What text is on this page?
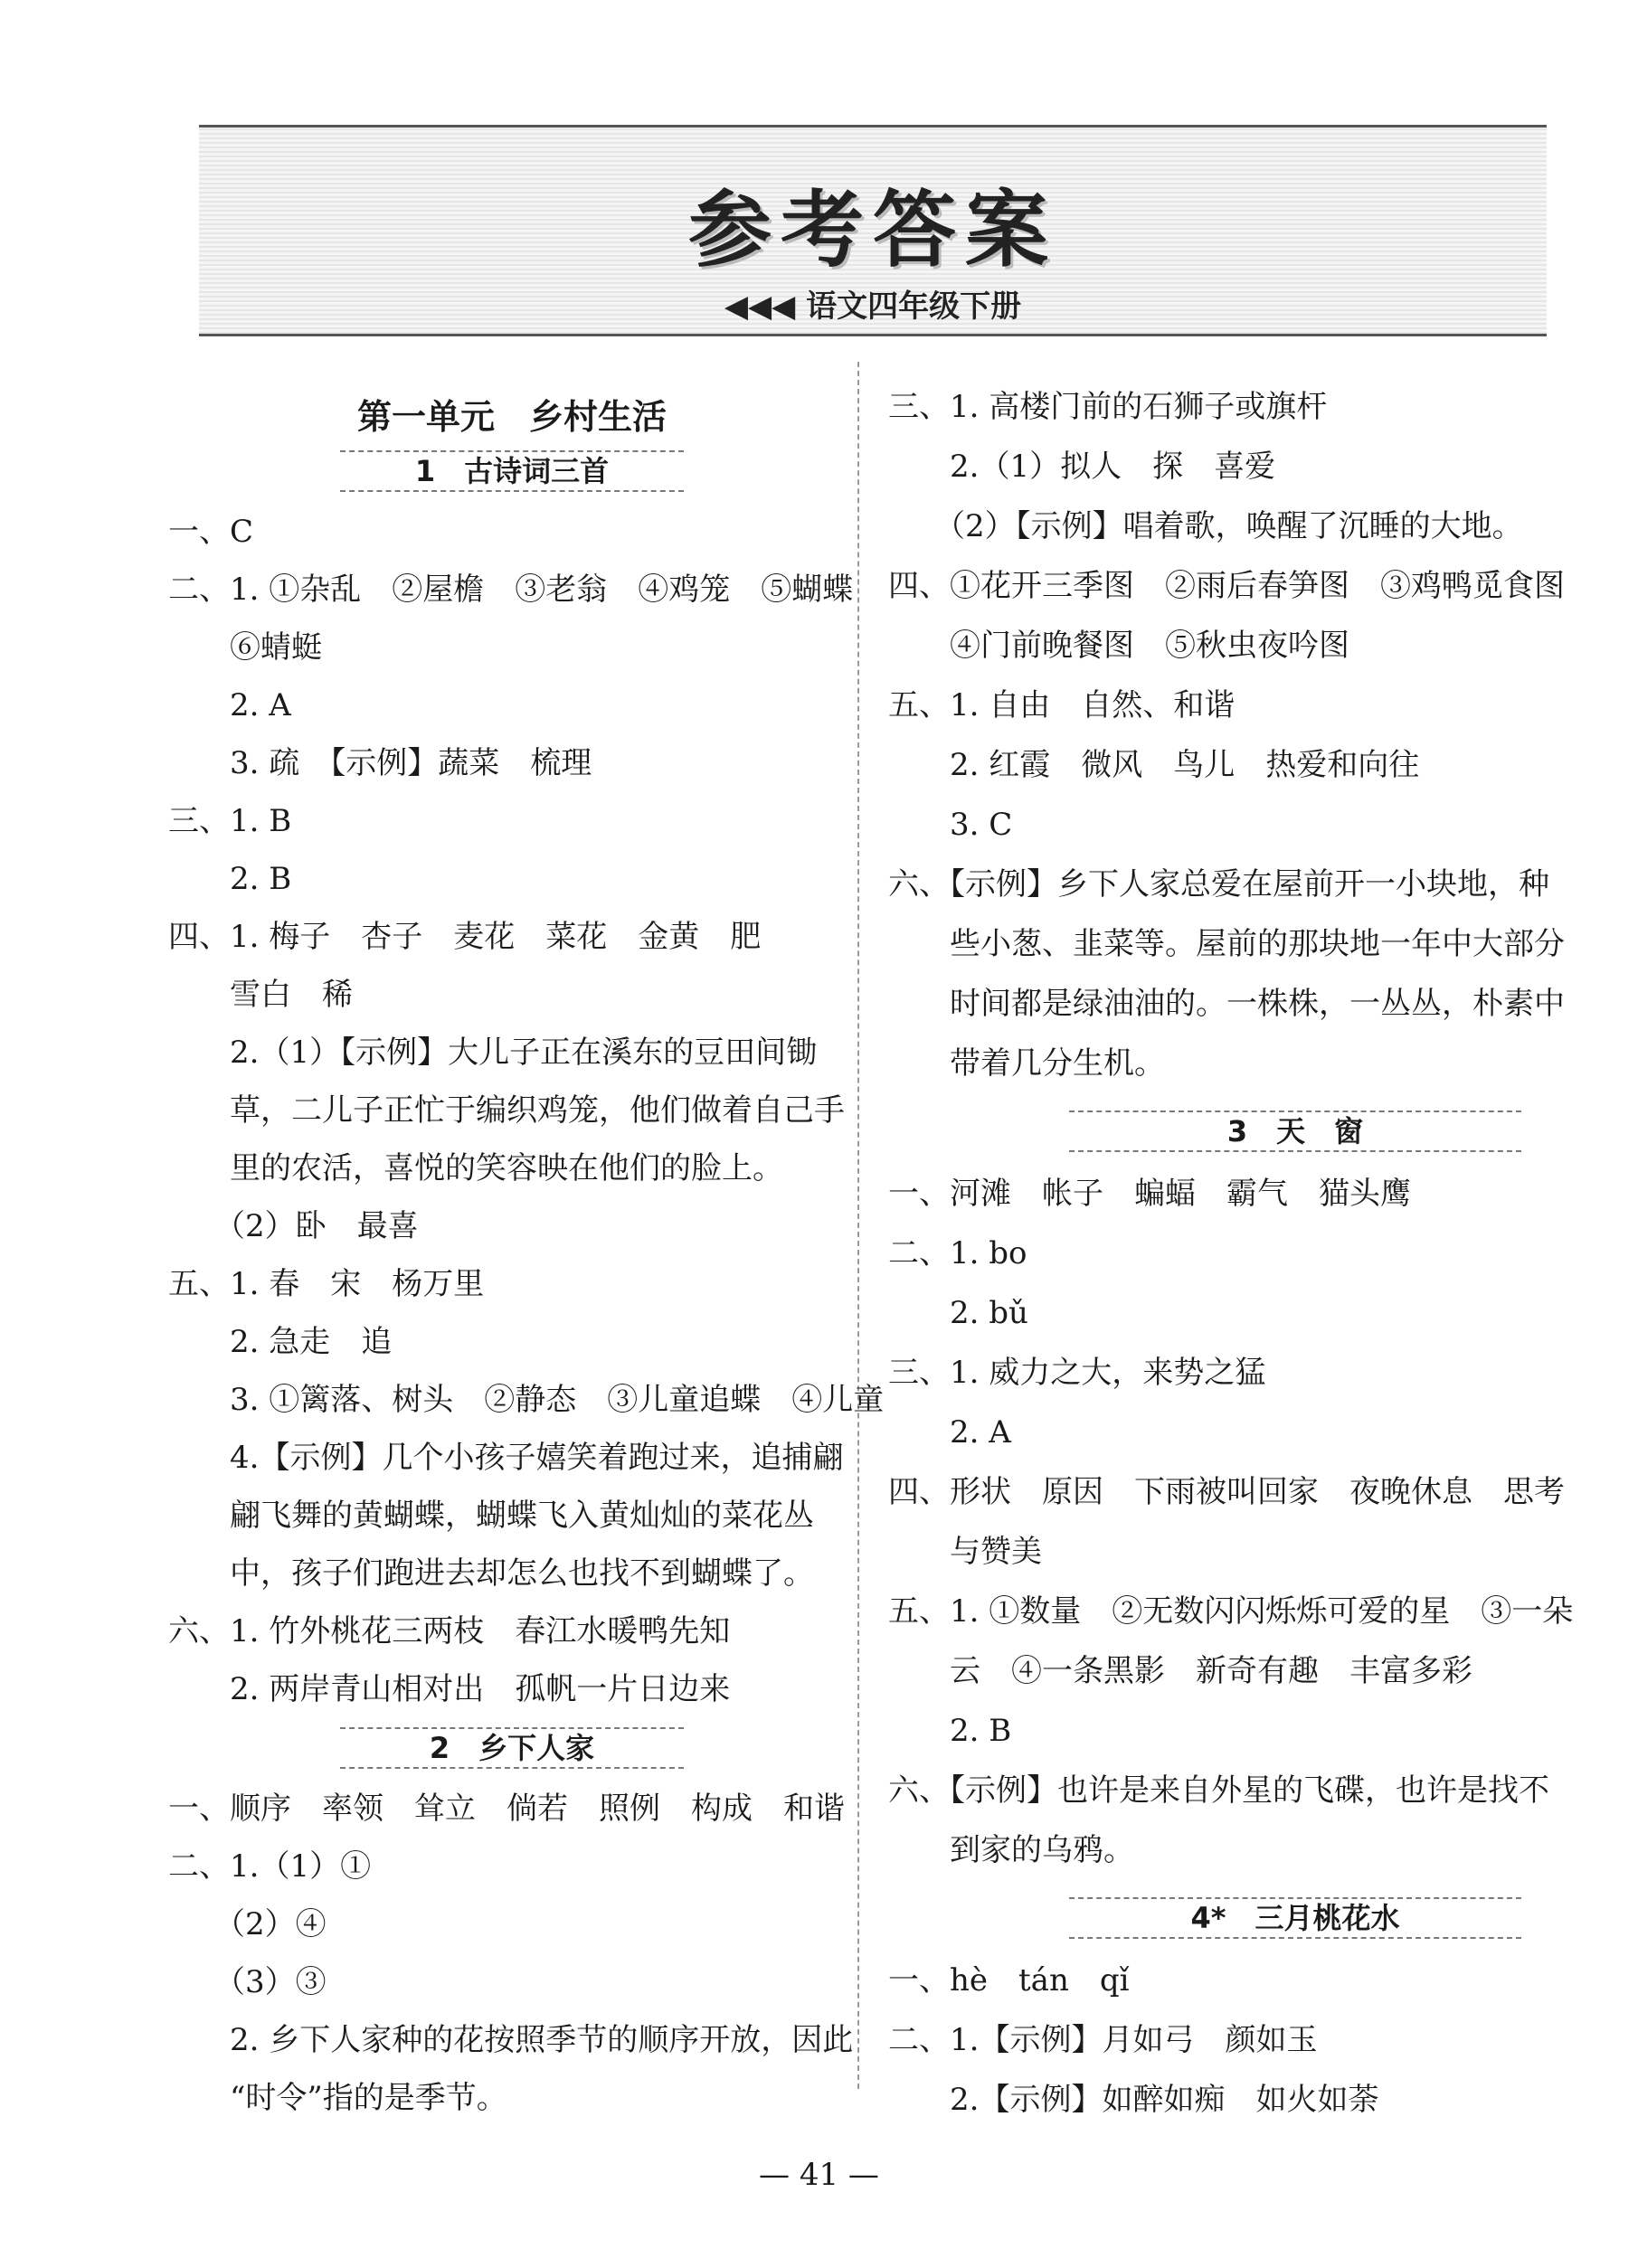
参考答案
◀◀◀ 语文四年级下册
第一单元　乡村生活
1　古诗词三首
一、C
二、1. ①杂乱　②屋檐　③老翁　④鸡笼　⑤蝴蝶
　　⑥蜻蜓
　　2. A
　　3. 疏　【示例】蔬菜　梳理
三、1. B
　　2. B
四、1. 梅子　杏子　麦花　菜花　金黄　肥
　　雪白　稀
　　2.（1）【示例】大儿子正在溪东的豆田间锄
　　草，二儿子正忙于编织鸡笼，他们做着自己手
　　里的农活，喜悦的笑容映在他们的脸上。
　　（2）卧　最喜
五、1. 春　宋　杨万里
　　2. 急走　追
　　3. ①篱落、树头　②静态　③儿童追蝶　④儿童
　　4.【示例】几个小孩子嬉笑着跑过来，追捕翩
　　翩飞舞的黄蝴蝶，蝴蝶飞入黄灿灿的菜花丛
　　中，孩子们跑进去却怎么也找不到蝴蝶了。
六、1. 竹外桃花三两枝　春江水暖鸭先知
　　2. 两岸青山相对出　孤帆一片日边来
2　乡下人家
一、顺序　率领　耸立　倘若　照例　构成　和谐
二、1.（1）①
　　（2）④
　　（3）③
　　2. 乡下人家种的花按照季节的顺序开放，因此
　　“时令”指的是季节。
三、1. 高楼门前的石狮子或旗杆
　　2.（1）拟人　探　喜爱
　　（2）【示例】唱着歌，唤醒了沉睡的大地。
四、①花开三季图　②雨后春笋图　③鸡鸭觅食图
　　④门前晚餐图　⑤秋虫夜吟图
五、1. 自由　自然、和谐
　　2. 红霞　微风　鸟儿　热爱和向往
　　3. C
六、【示例】乡下人家总爱在屋前开一小块地，种
　　些小葱、韭菜等。屋前的那块地一年中大部分
　　时间都是绿油油的。一株株，一丛丛，朴素中
　　带着几分生机。
3　天　窗
一、河滩　帐子　蝙蝠　霸气　猫头鹰
二、1. bo
　　2. bǔ
三、1. 威力之大，来势之猛
　　2. A
四、形状　原因　下雨被叫回家　夜晚休息　思考
　　与赞美
五、1. ①数量　②无数闪闪烁烁可爱的星　③一朵
　　云　④一条黑影　新奇有趣　丰富多彩
　　2. B
六、【示例】也许是来自外星的飞碟，也许是找不
　　到家的乌鸦。
4*　三月桃花水
一、hè　tán　qǐ
二、1.【示例】月如弓　颜如玉
　　2.【示例】如醉如痴　如火如荼
— 41 —
